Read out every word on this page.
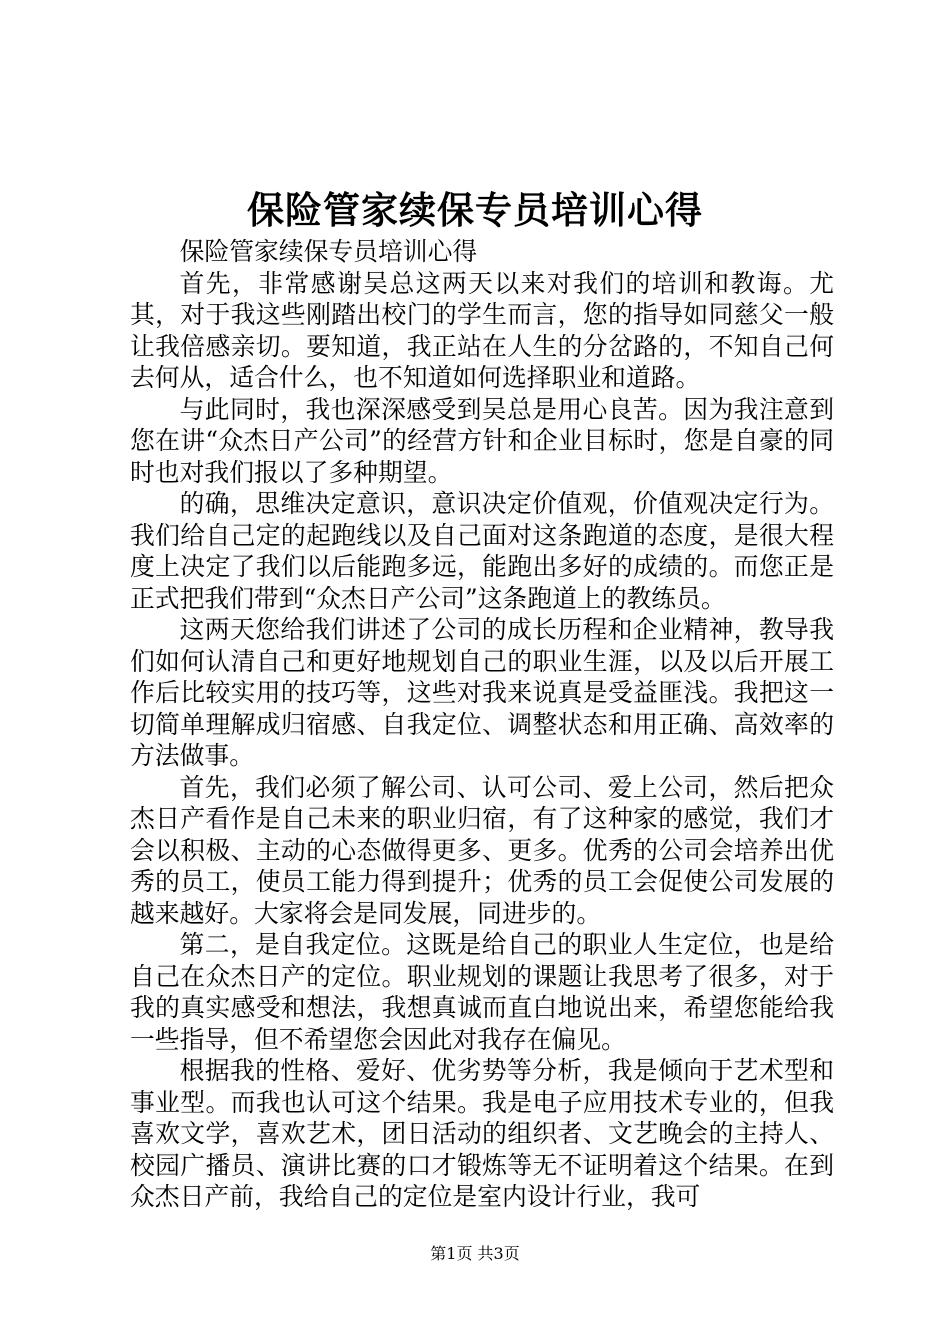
保险管家续保专员培训心得

保险管家续保专员培训心得

首先，非常感谢吴总这两天以来对我们的培训和教诲。尤其，对于我这些刚踏出校门的学生而言，您的指导如同慈父一般让我倍感亲切。要知道，我正站在人生的分岔路的，不知自己何去何从，适合什么，也不知道如何选择职业和道路。

与此同时，我也深深感受到吴总是用心良苦。因为我注意到您在讲“众杰日产公司”的经营方针和企业目标时，您是自豪的同时也对我们报以了多种期望。

的确，思维决定意识，意识决定价值观，价值观决定行为。我们给自己定的起跑线以及自己面对这条跑道的态度，是很大程度上决定了我们以后能跑多远，能跑出多好的成绩的。而您正是正式把我们带到“众杰日产公司”这条跑道上的教练员。

这两天您给我们讲述了公司的成长历程和企业精神，教导我们如何认清自己和更好地规划自己的职业生涯，以及以后开展工作后比较实用的技巧等，这些对我来说真是受益匪浅。我把这一切简单理解成归宿感、自我定位、调整状态和用正确、高效率的方法做事。

首先，我们必须了解公司、认可公司、爱上公司，然后把众杰日产看作是自己未来的职业归宿，有了这种家的感觉，我们才会以积极、主动的心态做得更多、更多。优秀的公司会培养出优秀的员工，使员工能力得到提升；优秀的员工会促使公司发展的越来越好。大家将会是同发展，同进步的。

第二，是自我定位。这既是给自己的职业人生定位，也是给自己在众杰日产的定位。职业规划的课题让我思考了很多，对于我的真实感受和想法，我想真诚而直白地说出来，希望您能给我一些指导，但不希望您会因此对我存在偏见。

根据我的性格、爱好、优劣势等分析，我是倾向于艺术型和事业型。而我也认可这个结果。我是电子应用技术专业的，但我喜欢文学，喜欢艺术，团日活动的组织者、文艺晚会的主持人、校园广播员、演讲比赛的口才锻炼等无不证明着这个结果。在到众杰日产前，我给自己的定位是室内设计行业，我可

第1页 共3页
